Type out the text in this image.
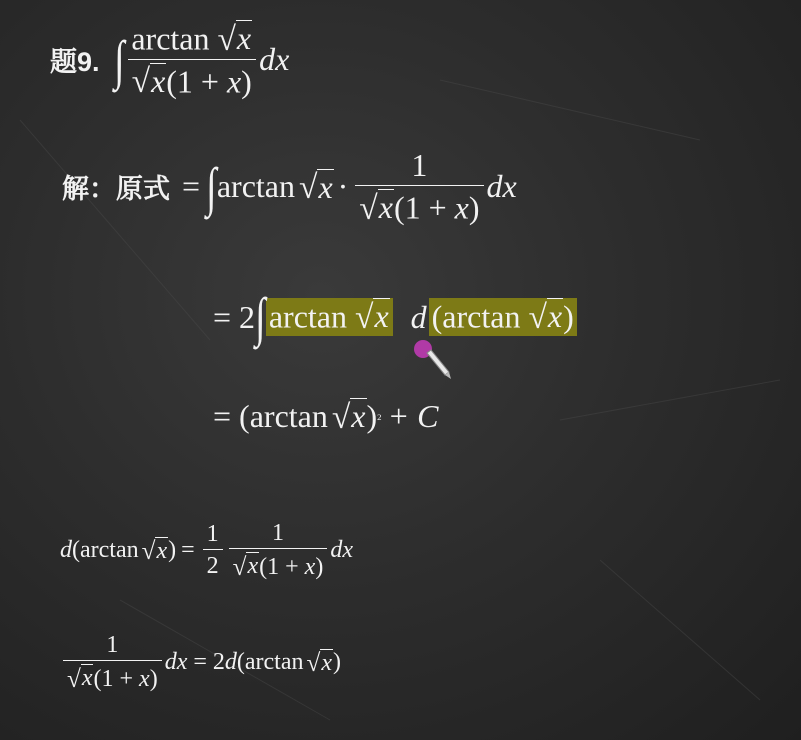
题9. ∫ $\frac{\arctan √ x}{√ x (1 + x)}$ dx
解：原式 = ∫ arctan √ $x \cdot \frac{1}{√ x (1 + x)}$ dx
= 2 ∫ arctan √ x d (arctan √ x )
= (arctan √ x ) 2 + C
d (arctan √ x ) = $\frac{1}{2} \frac{1}{√ x (1 + x)}$ dx
$\frac{1}{√ x (1 + x)}$ dx = 2 d (arctan √ x )
